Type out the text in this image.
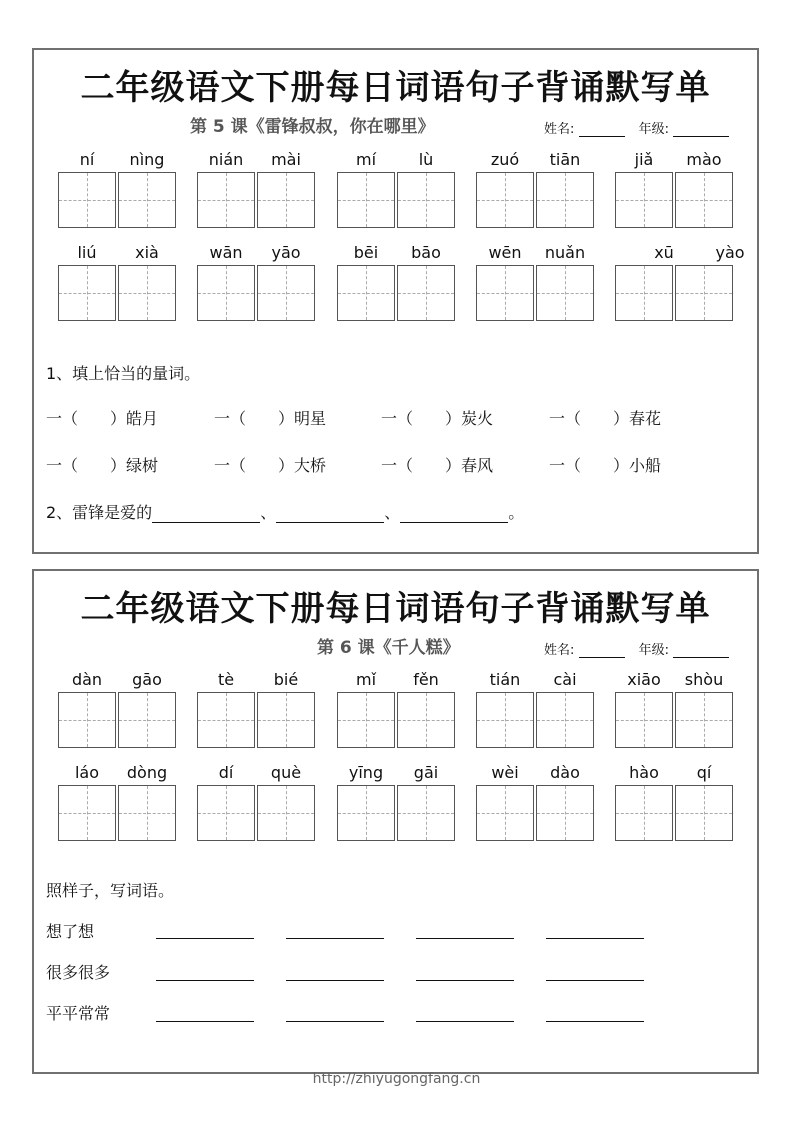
二年级语文下册每日词语句子背诵默写单
第 5 课《雷锋叔叔，你在哪里》	姓名:	年级:
ní	nìng	nián	mài	mí	lù	zuó	tiān	jiǎ	mào
liú	xià	wān	yāo	bēi	bāo	wēn	nuǎn	xū	yào
1、填上恰当的量词。
一（　　）皓月	一（　　）明星	一（　　）炭火	一（　　）春花
一（　　）绿树	一（　　）大桥	一（　　）春风	一（　　）小船
2、雷锋是爱的	、	、	。
二年级语文下册每日词语句子背诵默写单
第 6 课《千人糕》	姓名:	年级:
dàn	gāo	tè	bié	mǐ	fěn	tián	cài	xiāo	shòu
láo	dòng	dí	què	yīng	gāi	wèi	dào	hào	qí
照样子，写词语。
想了想
很多很多
平平常常
http://zhiyugongfang.cn
